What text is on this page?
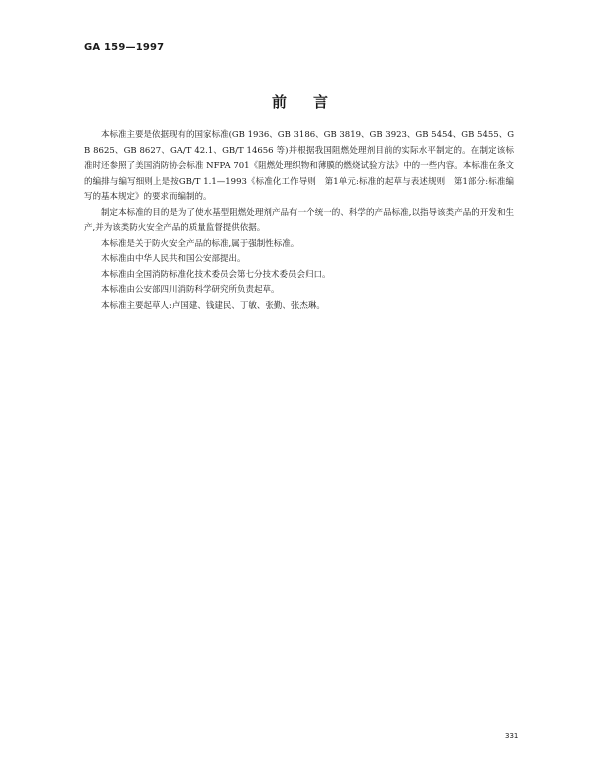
GA 159—1997
前言

本标准主要是依据现有的国家标准(GB 1936、GB 3186、GB 3819、GB 3923、GB 5454、GB 5455、GB 8625、GB 8627、GA/T 42.1、GB/T 14656 等)并根据我国阻燃处理剂目前的实际水平制定的。在制定该标准时还参照了美国消防协会标准 NFPA 701《阻燃处理织物和薄膜的燃烧试验方法》中的一些内容。本标准在条文的编排与编写细则上是按GB/T 1.1—1993《标准化工作导则　第1单元:标准的起草与表述规则　第1部分:标准编写的基本规定》的要求而编制的。

制定本标准的目的是为了使水基型阻燃处理剂产品有一个统一的、科学的产品标准,以指导该类产品的开发和生产,并为该类防火安全产品的质量监督提供依据。

本标准是关于防火安全产品的标准,属于强制性标准。

木标准由中华人民共和国公安部提出。

本标准由全国消防标准化技术委员会第七分技术委员会归口。

本标准由公安部四川消防科学研究所负责起草。

本标准主要起草人:卢国建、钱建民、丁敏、张勤、张杰琳。

331
